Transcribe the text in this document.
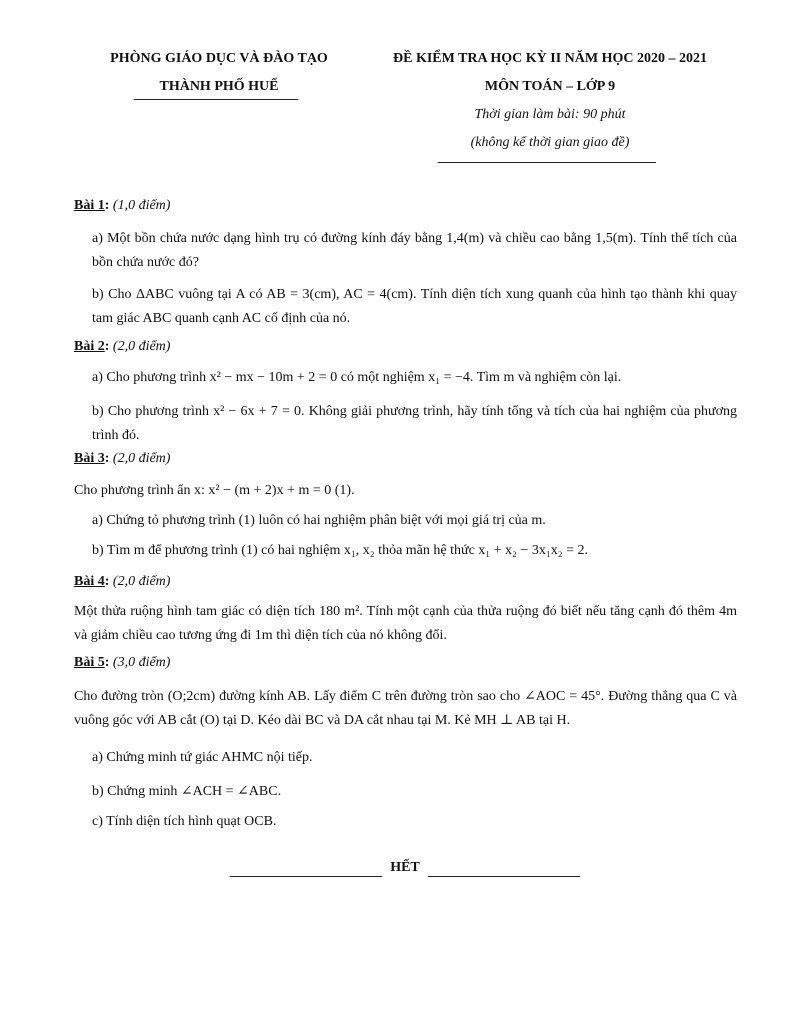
PHÒNG GIÁO DỤC VÀ ĐÀO TẠO
THÀNH PHỐ HUẾ
ĐỀ KIỂM TRA HỌC KỲ II NĂM HỌC 2020 – 2021
MÔN TOÁN – LỚP 9
Thời gian làm bài: 90 phút
(không kể thời gian giao đề)
Bài 1: (1,0 điểm)
a) Một bồn chứa nước dạng hình trụ có đường kính đáy bằng 1,4(m) và chiều cao bằng 1,5(m). Tính thể tích của bồn chứa nước đó?
b) Cho ΔABC vuông tại A có AB = 3(cm), AC = 4(cm). Tính diện tích xung quanh của hình tạo thành khi quay tam giác ABC quanh cạnh AC cố định của nó.
Bài 2: (2,0 điểm)
a) Cho phương trình x² − mx − 10m + 2 = 0 có một nghiệm x₁ = −4. Tìm m và nghiệm còn lại.
b) Cho phương trình x² − 6x + 7 = 0. Không giải phương trình, hãy tính tổng và tích của hai nghiệm của phương trình đó.
Bài 3: (2,0 điểm)
Cho phương trình ẩn x: x² − (m + 2)x + m = 0 (1).
a) Chứng tỏ phương trình (1) luôn có hai nghiệm phân biệt với mọi giá trị của m.
b) Tìm m để phương trình (1) có hai nghiệm x₁, x₂ thỏa mãn hệ thức x₁ + x₂ − 3x₁x₂ = 2.
Bài 4: (2,0 điểm)
Một thửa ruộng hình tam giác có diện tích 180 m². Tính một cạnh của thửa ruộng đó biết nếu tăng cạnh đó thêm 4m và giảm chiều cao tương ứng đi 1m thì diện tích của nó không đổi.
Bài 5: (3,0 điểm)
Cho đường tròn (O;2cm) đường kính AB. Lấy điểm C trên đường tròn sao cho ∠AOC = 45°. Đường thẳng qua C và vuông góc với AB cắt (O) tại D. Kéo dài BC và DA cắt nhau tại M. Kẻ MH ⊥ AB tại H.
a) Chứng minh tứ giác AHMC nội tiếp.
b) Chứng minh ∠ACH = ∠ABC.
c) Tính diện tích hình quạt OCB.
HẾT
